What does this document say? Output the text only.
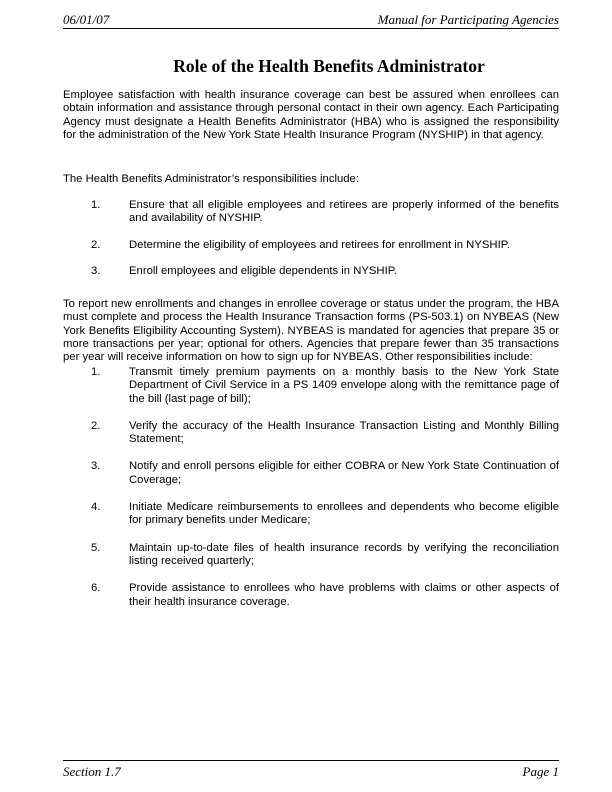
06/01/07	Manual for Participating Agencies
Role of the Health Benefits Administrator

Employee satisfaction with health insurance coverage can best be assured when enrollees can obtain information and assistance through personal contact in their own agency. Each Participating Agency must designate a Health Benefits Administrator (HBA) who is assigned the responsibility for the administration of the New York State Health Insurance Program (NYSHIP) in that agency.

The Health Benefits Administrator’s responsibilities include:

1.	Ensure that all eligible employees and retirees are properly informed of the benefits and availability of NYSHIP.
2.	Determine the eligibility of employees and retirees for enrollment in NYSHIP.
3.	Enroll employees and eligible dependents in NYSHIP.

To report new enrollments and changes in enrollee coverage or status under the program, the HBA must complete and process the Health Insurance Transaction forms (PS-503.1) on NYBEAS (New York Benefits Eligibility Accounting System). NYBEAS is mandated for agencies that prepare 35 or more transactions per year; optional for others. Agencies that prepare fewer than 35 transactions per year will receive information on how to sign up for NYBEAS. Other responsibilities include:

1.	Transmit timely premium payments on a monthly basis to the New York State Department of Civil Service in a PS 1409 envelope along with the remittance page of the bill (last page of bill);
2.	Verify the accuracy of the Health Insurance Transaction Listing and Monthly Billing Statement;
3.	Notify and enroll persons eligible for either COBRA or New York State Continuation of Coverage;
4.	Initiate Medicare reimbursements to enrollees and dependents who become eligible for primary benefits under Medicare;
5.	Maintain up-to-date files of health insurance records by verifying the reconciliation listing received quarterly;
6.	Provide assistance to enrollees who have problems with claims or other aspects of their health insurance coverage.
Section 1.7	Page 1
